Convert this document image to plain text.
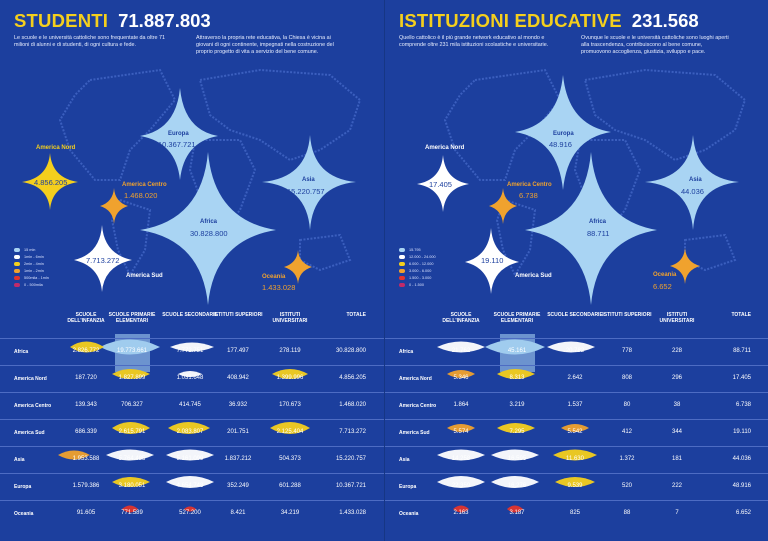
STUDENTI 71.887.803
Le scuole e le università cattoliche sono frequentate da oltre 71 milioni di alunni e di studenti, di ogni cultura e fede.
Attraverso la propria rete educativa, la Chiesa è vicina ai giovani di ogni continente, impegnati nella costruzione del proprio progetto di vita a servizio del bene comune.
Europa
10.367.721
America Nord
4.856.205	America Centro
1.468.020
Asia
15.220.757
Africa
30.828.800
7.713.272
America Sud	Oceania
1.433.028
15 mln
1mln - 6mln
2mln - 4mln
1mln - 2mln
500mila - 1mln
0 - 500mila
SCUOLE DELL'INFANZIA
SCUOLE PRIMARIE ELEMENTARI
SCUOLE SECONDARIE
ISTITUTI SUPERIORI	ISTITUTI UNIVERSITARI
TOTALE
Africa	2.826.772	19.773.661	7.772.751	177.497	278.119	30.828.800
America Nord	187.720	1.827.899	1.031.648	408.942	1.399.996	4.856.205
America Centro	139.343	706.327	414.745	36.932	170.673	1.468.020
America Sud	686.339	2.615.791	2.083.807	201.751	2.125.404	7.713.272
Asia	1.953.588	5.764.485	5.161.099	1.837.212	504.373	15.220.757
Europa	1.579.386	3.180.051	4.654.748	352.249	601.288	10.367.721
Oceania	91.605	771.589	527.200	8.421	34.219	1.433.028
ISTITUZIONI EDUCATIVE 231.568
Quello cattolico è il più grande network educativo al mondo e comprende oltre 231 mila istituzioni scolastiche e universitarie.
Ovunque le scuole e le università cattoliche sono luoghi aperti alla trascendenza, contribuiscono al bene comune, promuovono accoglienza, giustizia, sviluppo e pace.
Europa
48.916
America Nord
17.405	America Centro
6.738
Asia
44.036
Africa
88.711
19.110
America Sud	Oceania
6.652
15.795
12.000 - 24.000
6.000 - 12.000
3.000 - 6.000
1.500 - 3.000
0 - 1.500
SCUOLE DELL'INFANZIA
SCUOLE PRIMARIE ELEMENTARI
SCUOLE SECONDARIE ISTITUTI SUPERIORI	ISTITUTI UNIVERSITARI
TOTALE
Africa	21.762	45.161	20.782	778	228	88.711
America Nord	5.346	8.313	2.642	808	296	17.405
America Centro	1.864	3.219	1.537	80	38	6.738
America Sud	5.574	7.295	5.542	412	344	19.110
Asia	14.258	16.595	11.630	1.372	181	44.036
Europa	22.359	16.276	9.539	520	222	48.916
Oceania	2.163	3.187	825	88	7	6.652
